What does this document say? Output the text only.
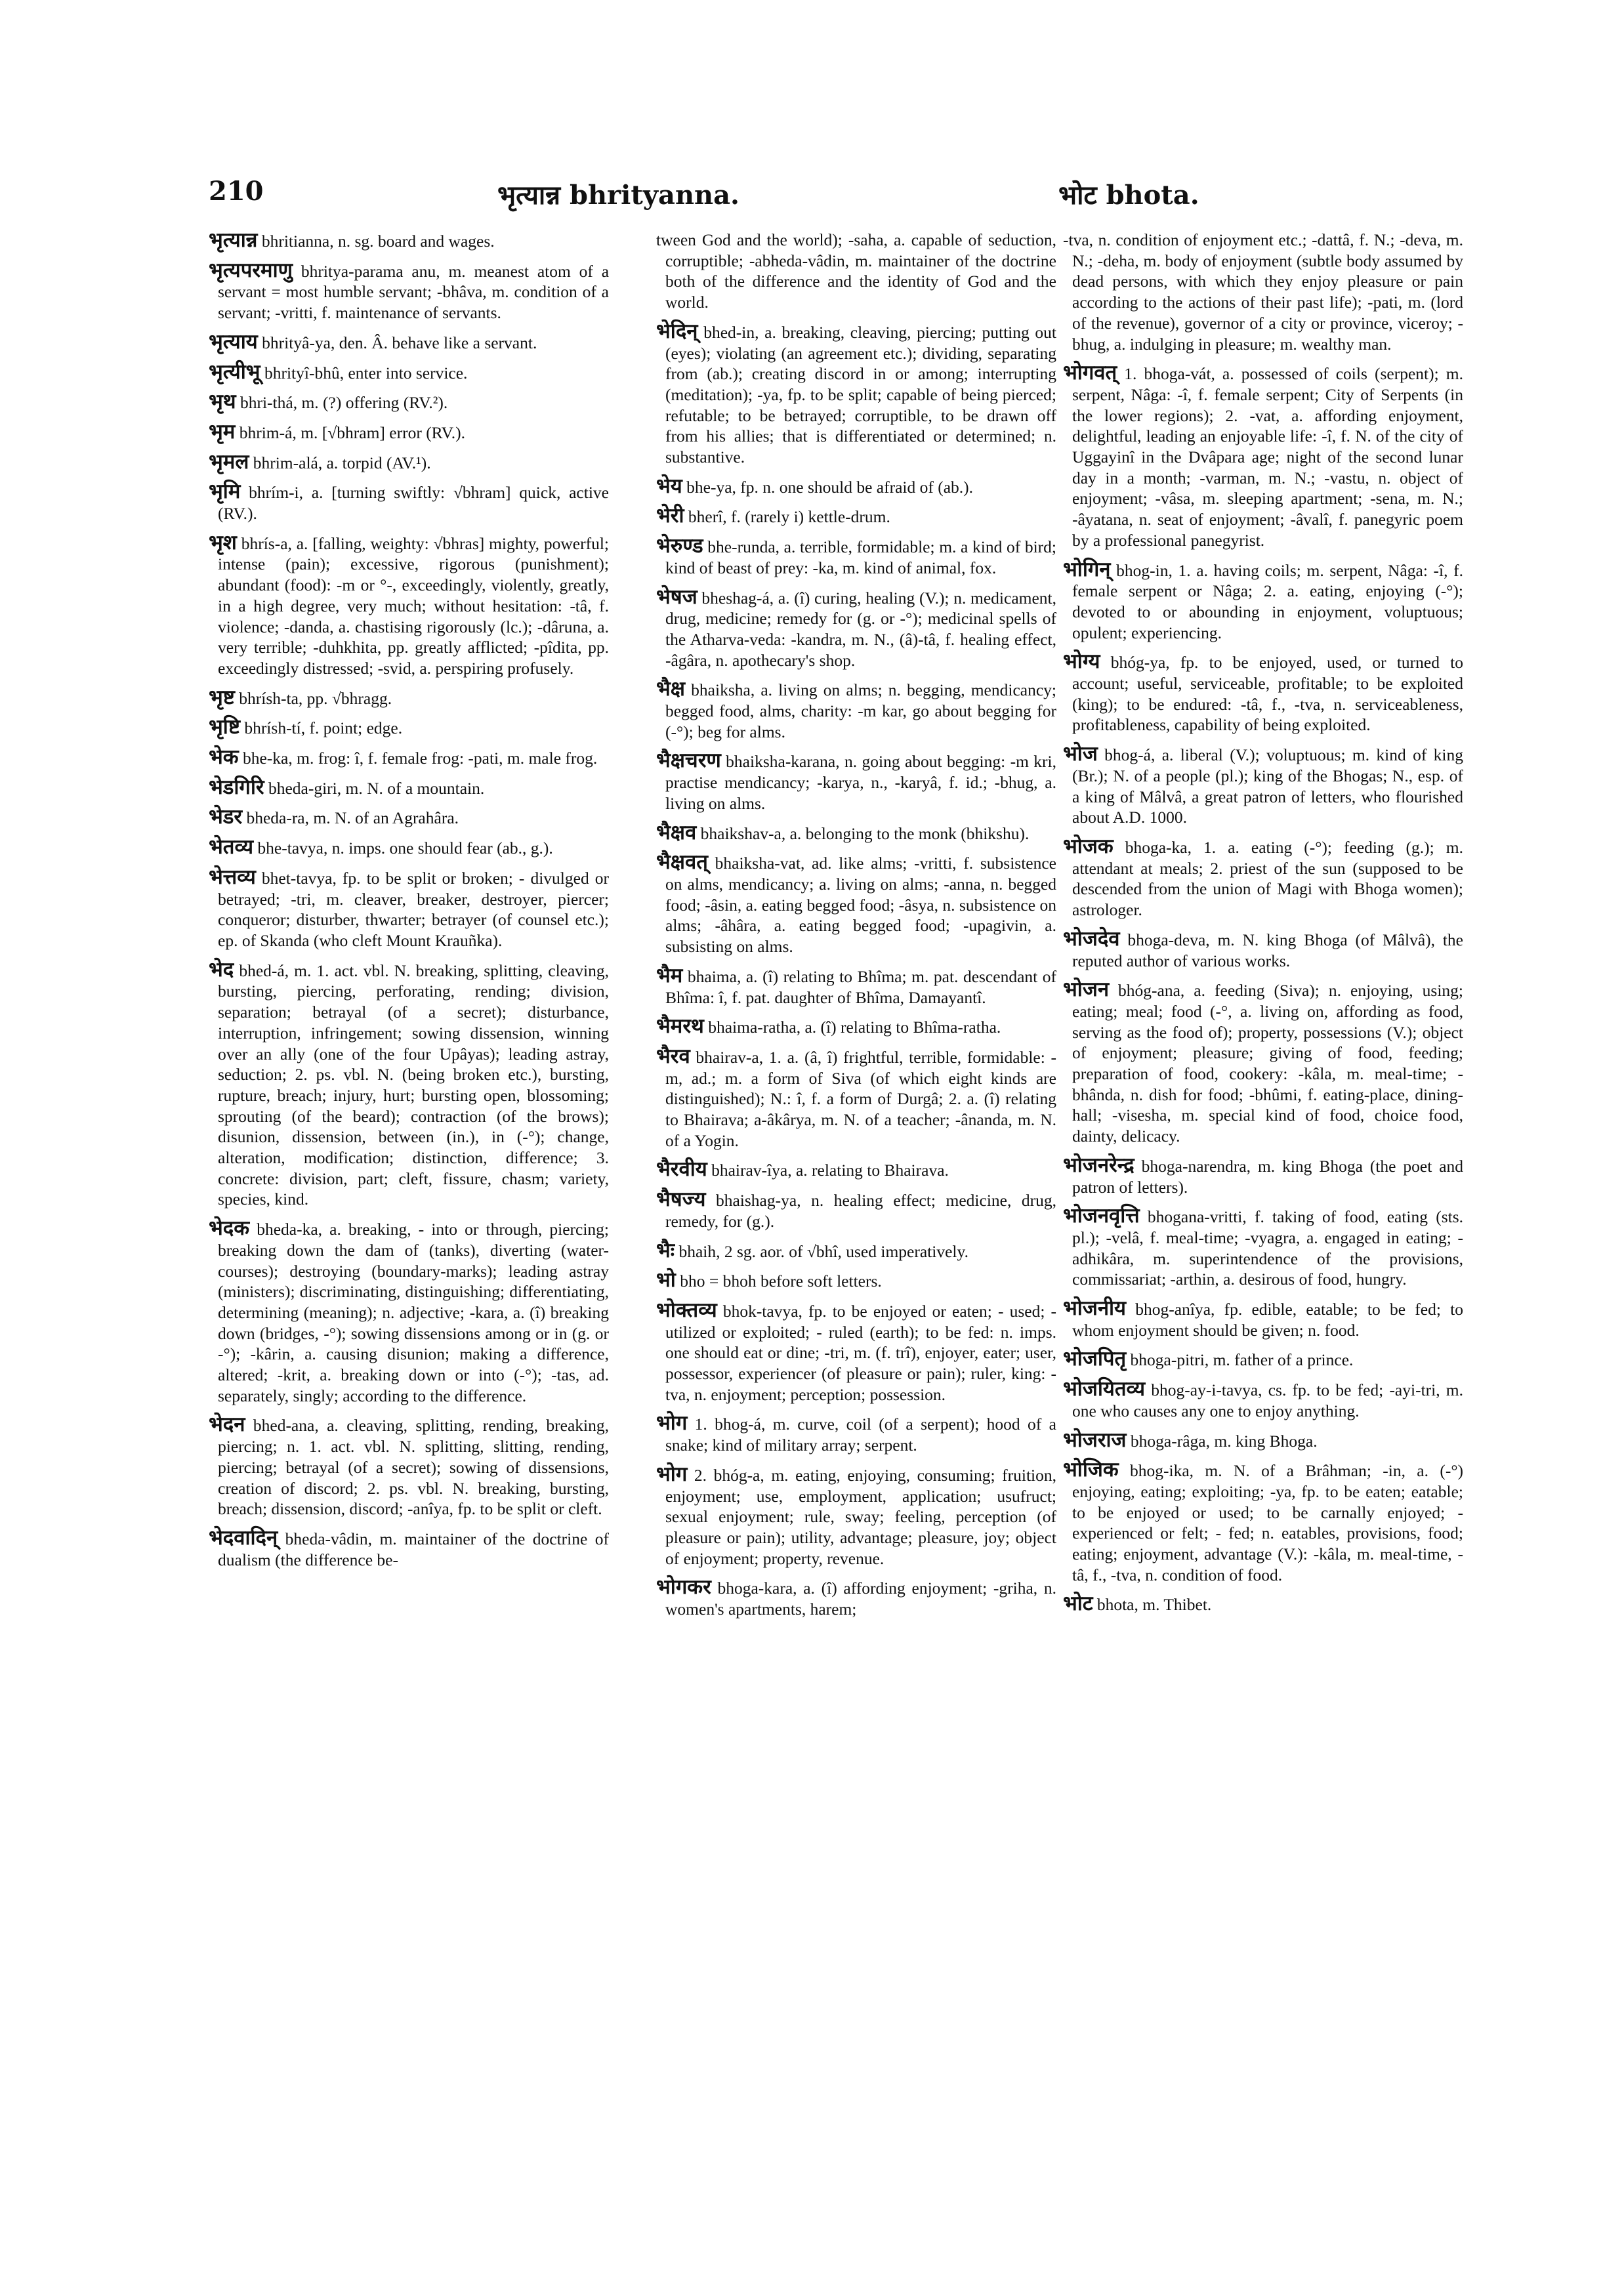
210	भृत्यान्न bhrityanna.	भोट bhota.

भृत्यान्न bhritianna, n. sg. board and wages.

भृत्यपरमाणु bhritya-parama anu, m. meanest atom of a servant = most humble servant; -bhâva, m. condition of a servant; -vritti, f. maintenance of servants.

भृत्याय bhrityâ-ya, den. Â. behave like a servant.

भृत्यीभू bhrityî-bhû, enter into service.

भृथ bhri-thá, m. (?) offering (RV.²).

भृम bhrim-á, m. [√bhram] error (RV.).

भृमल bhrim-alá, a. torpid (AV.¹).

भृमि bhrím-i, a. [turning swiftly: √bhram] quick, active (RV.).

भृश bhrís-a, a. [falling, weighty: √bhras] mighty, powerful; intense (pain); excessive, rigorous (punishment); abundant (food): -m or °-, exceedingly, violently, greatly, in a high degree, very much; without hesitation: -tâ, f. violence; -danda, a. chastising rigorously (lc.); -dâruna, a. very terrible; -duhkhita, pp. greatly afflicted; -pîdita, pp. exceedingly distressed; -svid, a. perspiring profusely.

भृष्ट bhrísh-ta, pp. √bhragg.

भृष्टि bhrísh-tí, f. point; edge.

भेक bhe-ka, m. frog: î, f. female frog: -pati, m. male frog.

भेडगिरि bheda-giri, m. N. of a mountain.

भेडर bheda-ra, m. N. of an Agrahâra.

भेतव्य bhe-tavya, n. imps. one should fear (ab., g.).

भेत्तव्य bhet-tavya, fp. to be split or broken; - divulged or betrayed; -tri, m. cleaver, breaker, destroyer, piercer; conqueror; disturber, thwarter; betrayer (of counsel etc.); ep. of Skanda (who cleft Mount Krauñka).

भेद bhed-á, m. 1. act. vbl. N. breaking, splitting, cleaving, bursting, piercing, perforating, rending; division, separation; betrayal (of a secret); disturbance, interruption, infringement; sowing dissension, winning over an ally (one of the four Upâyas); leading astray, seduction; 2. ps. vbl. N. (being broken etc.), bursting, rupture, breach; injury, hurt; bursting open, blossoming; sprouting (of the beard); contraction (of the brows); disunion, dissension, between (in.), in (-°); change, alteration, modification; distinction, difference; 3. concrete: division, part; cleft, fissure, chasm; variety, species, kind.

भेदक bheda-ka, a. breaking, - into or through, piercing; breaking down the dam of (tanks), diverting (water-courses); destroying (boundary-marks); leading astray (ministers); discriminating, distinguishing; differentiating, determining (meaning); n. adjective; -kara, a. (î) breaking down (bridges, -°); sowing dissensions among or in (g. or -°); -kârin, a. causing disunion; making a difference, altered; -krit, a. breaking down or into (-°); -tas, ad. separately, singly; according to the difference.

भेदन bhed-ana, a. cleaving, splitting, rending, breaking, piercing; n. 1. act. vbl. N. splitting, slitting, rending, piercing; betrayal (of a secret); sowing of dissensions, creation of discord; 2. ps. vbl. N. breaking, bursting, breach; dissension, discord; -anîya, fp. to be split or cleft.

भेदवादिन् bheda-vâdin, m. maintainer of the doctrine of dualism (the difference be-

tween God and the world); -saha, a. capable of seduction, corruptible; -abheda-vâdin, m. maintainer of the doctrine both of the difference and the identity of God and the world.

भेदिन् bhed-in, a. breaking, cleaving, piercing; putting out (eyes); violating (an agreement etc.); dividing, separating from (ab.); creating discord in or among; interrupting (meditation); -ya, fp. to be split; capable of being pierced; refutable; to be betrayed; corruptible, to be drawn off from his allies; that is differentiated or determined; n. substantive.

भेय bhe-ya, fp. n. one should be afraid of (ab.).

भेरी bherî, f. (rarely i) kettle-drum.

भेरुण्ड bhe-runda, a. terrible, formidable; m. a kind of bird; kind of beast of prey: -ka, m. kind of animal, fox.

भेषज bheshag-á, a. (î) curing, healing (V.); n. medicament, drug, medicine; remedy for (g. or -°); medicinal spells of the Atharva-veda: -kandra, m. N., (â)-tâ, f. healing effect, -âgâra, n. apothecary's shop.

भैक्ष bhaiksha, a. living on alms; n. begging, mendicancy; begged food, alms, charity: -m kar, go about begging for (-°); beg for alms.

भैक्षचरण bhaiksha-karana, n. going about begging: -m kri, practise mendicancy; -karya, n., -karyâ, f. id.; -bhug, a. living on alms.

भैक्षव bhaikshav-a, a. belonging to the monk (bhikshu).

भैक्षवत् bhaiksha-vat, ad. like alms; -vritti, f. subsistence on alms, mendicancy; a. living on alms; -anna, n. begged food; -âsin, a. eating begged food; -âsya, n. subsistence on alms; -âhâra, a. eating begged food; -upagivin, a. subsisting on alms.

भैम bhaima, a. (î) relating to Bhîma; m. pat. descendant of Bhîma: î, f. pat. daughter of Bhîma, Damayantî.

भैमरथ bhaima-ratha, a. (î) relating to Bhîma-ratha.

भैरव bhairav-a, 1. a. (â, î) frightful, terrible, formidable: -m, ad.; m. a form of Siva (of which eight kinds are distinguished); N.: î, f. a form of Durgâ; 2. a. (î) relating to Bhairava; a-âkârya, m. N. of a teacher; -ânanda, m. N. of a Yogin.

भैरवीय bhairav-îya, a. relating to Bhairava.

भैषज्य bhaishag-ya, n. healing effect; medicine, drug, remedy, for (g.).

भैः bhaih, 2 sg. aor. of √bhî, used imperatively.

भो bho = bhoh before soft letters.

भोक्तव्य bhok-tavya, fp. to be enjoyed or eaten; - used; - utilized or exploited; - ruled (earth); to be fed: n. imps. one should eat or dine; -tri, m. (f. trî), enjoyer, eater; user, possessor, experiencer (of pleasure or pain); ruler, king: -tva, n. enjoyment; perception; possession.

भोग 1. bhog-á, m. curve, coil (of a serpent); hood of a snake; kind of military array; serpent.

भोग 2. bhóg-a, m. eating, enjoying, consuming; fruition, enjoyment; use, employment, application; usufruct; sexual enjoyment; rule, sway; feeling, perception (of pleasure or pain); utility, advantage; pleasure, joy; object of enjoyment; property, revenue.

भोगकर bhoga-kara, a. (î) affording enjoyment; -griha, n. women's apartments, harem;

-tva, n. condition of enjoyment etc.; -dattâ, f. N.; -deva, m. N.; -deha, m. body of enjoyment (subtle body assumed by dead persons, with which they enjoy pleasure or pain according to the actions of their past life); -pati, m. (lord of the revenue), governor of a city or province, viceroy; -bhug, a. indulging in pleasure; m. wealthy man.

भोगवत् 1. bhoga-vát, a. possessed of coils (serpent); m. serpent, Nâga: -î, f. female serpent; City of Serpents (in the lower regions); 2. -vat, a. affording enjoyment, delightful, leading an enjoyable life: -î, f. N. of the city of Uggayinî in the Dvâpara age; night of the second lunar day in a month; -varman, m. N.; -vastu, n. object of enjoyment; -vâsa, m. sleeping apartment; -sena, m. N.; -âyatana, n. seat of enjoyment; -âvalî, f. panegyric poem by a professional panegyrist.

भोगिन् bhog-in, 1. a. having coils; m. serpent, Nâga: -î, f. female serpent or Nâga; 2. a. eating, enjoying (-°); devoted to or abounding in enjoyment, voluptuous; opulent; experiencing.

भोग्य bhóg-ya, fp. to be enjoyed, used, or turned to account; useful, serviceable, profitable; to be exploited (king); to be endured: -tâ, f., -tva, n. serviceableness, profitableness, capability of being exploited.

भोज bhog-á, a. liberal (V.); voluptuous; m. kind of king (Br.); N. of a people (pl.); king of the Bhogas; N., esp. of a king of Mâlvâ, a great patron of letters, who flourished about A.D. 1000.

भोजक bhoga-ka, 1. a. eating (-°); feeding (g.); m. attendant at meals; 2. priest of the sun (supposed to be descended from the union of Magi with Bhoga women); astrologer.

भोजदेव bhoga-deva, m. N. king Bhoga (of Mâlvâ), the reputed author of various works.

भोजन bhóg-ana, a. feeding (Siva); n. enjoying, using; eating; meal; food (-°, a. living on, affording as food, serving as the food of); property, possessions (V.); object of enjoyment; pleasure; giving of food, feeding; preparation of food, cookery: -kâla, m. meal-time; -bhânda, n. dish for food; -bhûmi, f. eating-place, dining-hall; -visesha, m. special kind of food, choice food, dainty, delicacy.

भोजनरेन्द्र bhoga-narendra, m. king Bhoga (the poet and patron of letters).

भोजनवृत्ति bhogana-vritti, f. taking of food, eating (sts. pl.); -velâ, f. meal-time; -vyagra, a. engaged in eating; -adhikâra, m. superintendence of the provisions, commissariat; -arthin, a. desirous of food, hungry.

भोजनीय bhog-anîya, fp. edible, eatable; to be fed; to whom enjoyment should be given; n. food.

भोजपितृ bhoga-pitri, m. father of a prince.

भोजयितव्य bhog-ay-i-tavya, cs. fp. to be fed; -ayi-tri, m. one who causes any one to enjoy anything.

भोजराज bhoga-râga, m. king Bhoga.

भोजिक bhog-ika, m. N. of a Brâhman; -in, a. (-°) enjoying, eating; exploiting; -ya, fp. to be eaten; eatable; to be enjoyed or used; to be carnally enjoyed; - experienced or felt; - fed; n. eatables, provisions, food; eating; enjoyment, advantage (V.): -kâla, m. meal-time, -tâ, f., -tva, n. condition of food.

भोट bhota, m. Thibet.
